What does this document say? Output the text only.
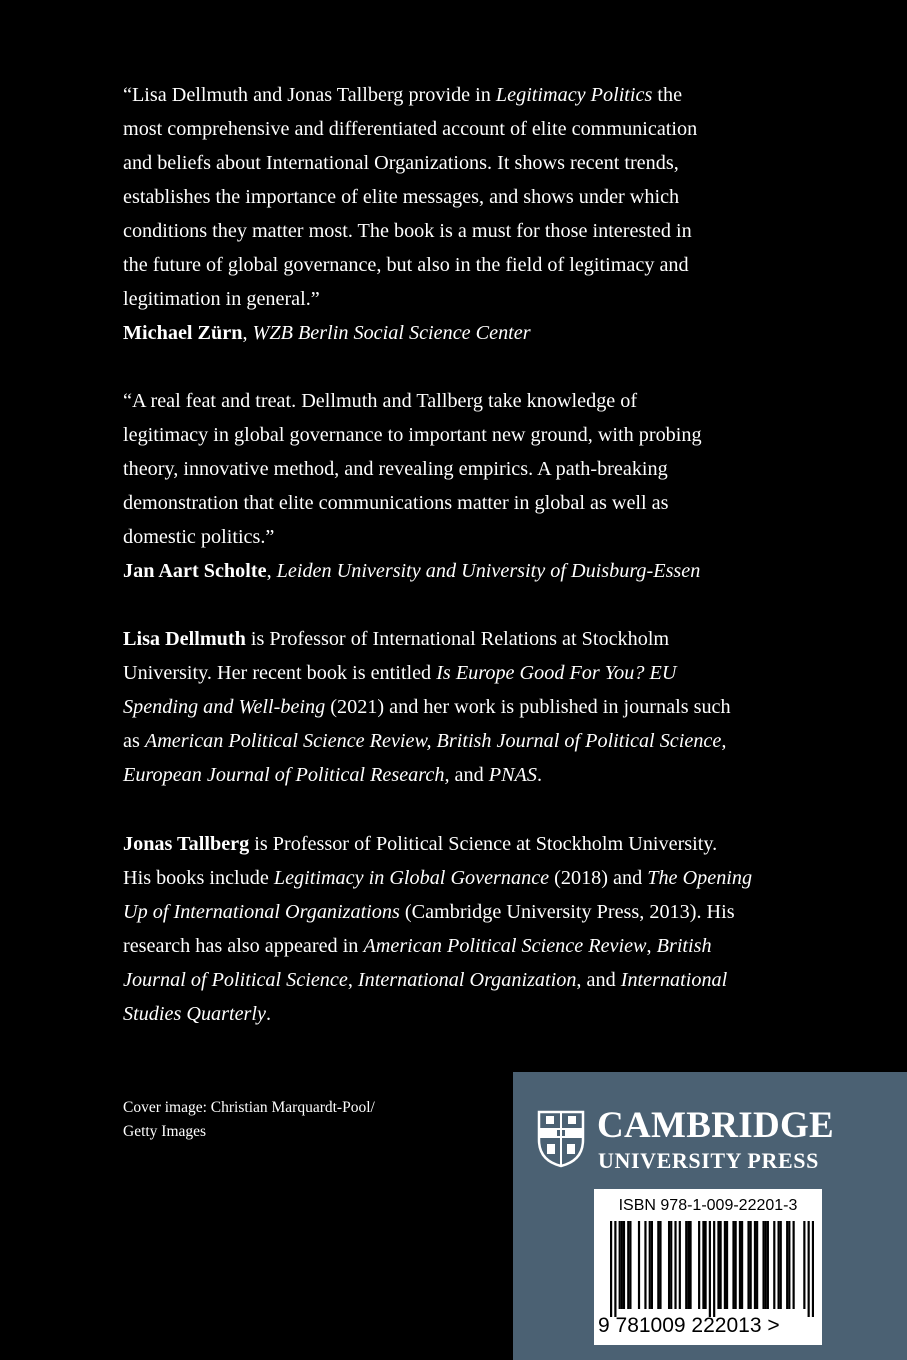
“Lisa Dellmuth and Jonas Tallberg provide in Legitimacy Politics the
most comprehensive and differentiated account of elite communication
and beliefs about International Organizations. It shows recent trends,
establishes the importance of elite messages, and shows under which
conditions they matter most. The book is a must for those interested in
the future of global governance, but also in the field of legitimacy and
legitimation in general.”
Michael Zürn, WZB Berlin Social Science Center
“A real feat and treat. Dellmuth and Tallberg take knowledge of
legitimacy in global governance to important new ground, with probing
theory, innovative method, and revealing empirics. A path-breaking
demonstration that elite communications matter in global as well as
domestic politics.”
Jan Aart Scholte, Leiden University and University of Duisburg-Essen
Lisa Dellmuth is Professor of International Relations at Stockholm
University. Her recent book is entitled Is Europe Good For You? EU
Spending and Well-being (2021) and her work is published in journals such
as American Political Science Review, British Journal of Political Science,
European Journal of Political Research, and PNAS.
Jonas Tallberg is Professor of Political Science at Stockholm University.
His books include Legitimacy in Global Governance (2018) and The Opening
Up of International Organizations (Cambridge University Press, 2013). His
research has also appeared in American Political Science Review, British
Journal of Political Science, International Organization, and International
Studies Quarterly.
Cover image: Christian Marquardt-Pool/
Getty Images	CAMBRIDGE
UNIVERSITY PRESS
ISBN 978-1-009-22201-3
9 781009 222013 >
